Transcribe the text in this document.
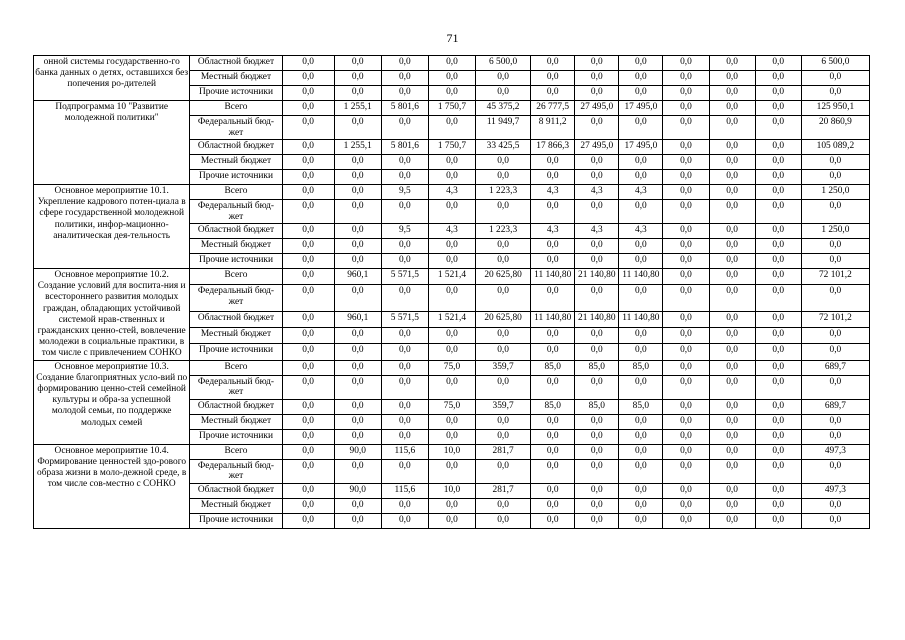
71
онной системы государственно-го банка данных о детях, оставшихся без попечения ро-дителей	Областной бюджет	0,0	0,0	0,0	0,0	6 500,0	0,0	0,0	0,0	0,0	0,0	0,0	6 500,0
	Местный бюджет	0,0	0,0	0,0	0,0	0,0	0,0	0,0	0,0	0,0	0,0	0,0	0,0
	Прочие источники	0,0	0,0	0,0	0,0	0,0	0,0	0,0	0,0	0,0	0,0	0,0	0,0
Подпрограмма 10 "Развитие молодежной политики"	Всего	0,0	1 255,1	5 801,6	1 750,7	45 375,2	26 777,5	27 495,0	17 495,0	0,0	0,0	0,0	125 950,1
	Федеральный бюд-жет	0,0	0,0	0,0	0,0	11 949,7	8 911,2	0,0	0,0	0,0	0,0	0,0	20 860,9
	Областной бюджет	0,0	1 255,1	5 801,6	1 750,7	33 425,5	17 866,3	27 495,0	17 495,0	0,0	0,0	0,0	105 089,2
	Местный бюджет	0,0	0,0	0,0	0,0	0,0	0,0	0,0	0,0	0,0	0,0	0,0	0,0
	Прочие источники	0,0	0,0	0,0	0,0	0,0	0,0	0,0	0,0	0,0	0,0	0,0	0,0
Основное мероприятие 10.1. Укрепление кадрового потен-циала в сфере государственной молодежной политики, инфор-мационно-аналитическая дея-тельность	Всего	0,0	0,0	9,5	4,3	1 223,3	4,3	4,3	4,3	0,0	0,0	0,0	1 250,0
	Федеральный бюд-жет	0,0	0,0	0,0	0,0	0,0	0,0	0,0	0,0	0,0	0,0	0,0	0,0
	Областной бюджет	0,0	0,0	9,5	4,3	1 223,3	4,3	4,3	4,3	0,0	0,0	0,0	1 250,0
	Местный бюджет	0,0	0,0	0,0	0,0	0,0	0,0	0,0	0,0	0,0	0,0	0,0	0,0
	Прочие источники	0,0	0,0	0,0	0,0	0,0	0,0	0,0	0,0	0,0	0,0	0,0	0,0
Основное мероприятие 10.2. Создание условий для воспита-ния и всестороннего развития молодых граждан, обладающих устойчивой системой нрав-ственных и гражданских ценно-стей, вовлечение молодежи в социальные практики, в том числе с привлечением СОНКО	Всего	0,0	960,1	5 571,5	1 521,4	20 625,80	11 140,80	21 140,80	11 140,80	0,0	0,0	0,0	72 101,2
	Федеральный бюд-жет	0,0	0,0	0,0	0,0	0,0	0,0	0,0	0,0	0,0	0,0	0,0	0,0
	Областной бюджет	0,0	960,1	5 571,5	1 521,4	20 625,80	11 140,80	21 140,80	11 140,80	0,0	0,0	0,0	72 101,2
	Местный бюджет	0,0	0,0	0,0	0,0	0,0	0,0	0,0	0,0	0,0	0,0	0,0	0,0
	Прочие источники	0,0	0,0	0,0	0,0	0,0	0,0	0,0	0,0	0,0	0,0	0,0	0,0
Основное мероприятие 10.3. Создание благоприятных усло-вий по формированию ценно-стей семейной культуры и обра-за успешной молодой семьи, по поддержке молодых семей	Всего	0,0	0,0	0,0	75,0	359,7	85,0	85,0	85,0	0,0	0,0	0,0	689,7
	Федеральный бюд-жет	0,0	0,0	0,0	0,0	0,0	0,0	0,0	0,0	0,0	0,0	0,0	0,0
	Областной бюджет	0,0	0,0	0,0	75,0	359,7	85,0	85,0	85,0	0,0	0,0	0,0	689,7
	Местный бюджет	0,0	0,0	0,0	0,0	0,0	0,0	0,0	0,0	0,0	0,0	0,0	0,0
	Прочие источники	0,0	0,0	0,0	0,0	0,0	0,0	0,0	0,0	0,0	0,0	0,0	0,0
Основное мероприятие 10.4. Формирование ценностей здо-рового образа жизни в моло-дежной среде, в том числе сов-местно с СОНКО	Всего	0,0	90,0	115,6	10,0	281,7	0,0	0,0	0,0	0,0	0,0	0,0	497,3
	Федеральный бюд-жет	0,0	0,0	0,0	0,0	0,0	0,0	0,0	0,0	0,0	0,0	0,0	0,0
	Областной бюджет	0,0	90,0	115,6	10,0	281,7	0,0	0,0	0,0	0,0	0,0	0,0	497,3
	Местный бюджет	0,0	0,0	0,0	0,0	0,0	0,0	0,0	0,0	0,0	0,0	0,0	0,0
	Прочие источники	0,0	0,0	0,0	0,0	0,0	0,0	0,0	0,0	0,0	0,0	0,0	0,0
